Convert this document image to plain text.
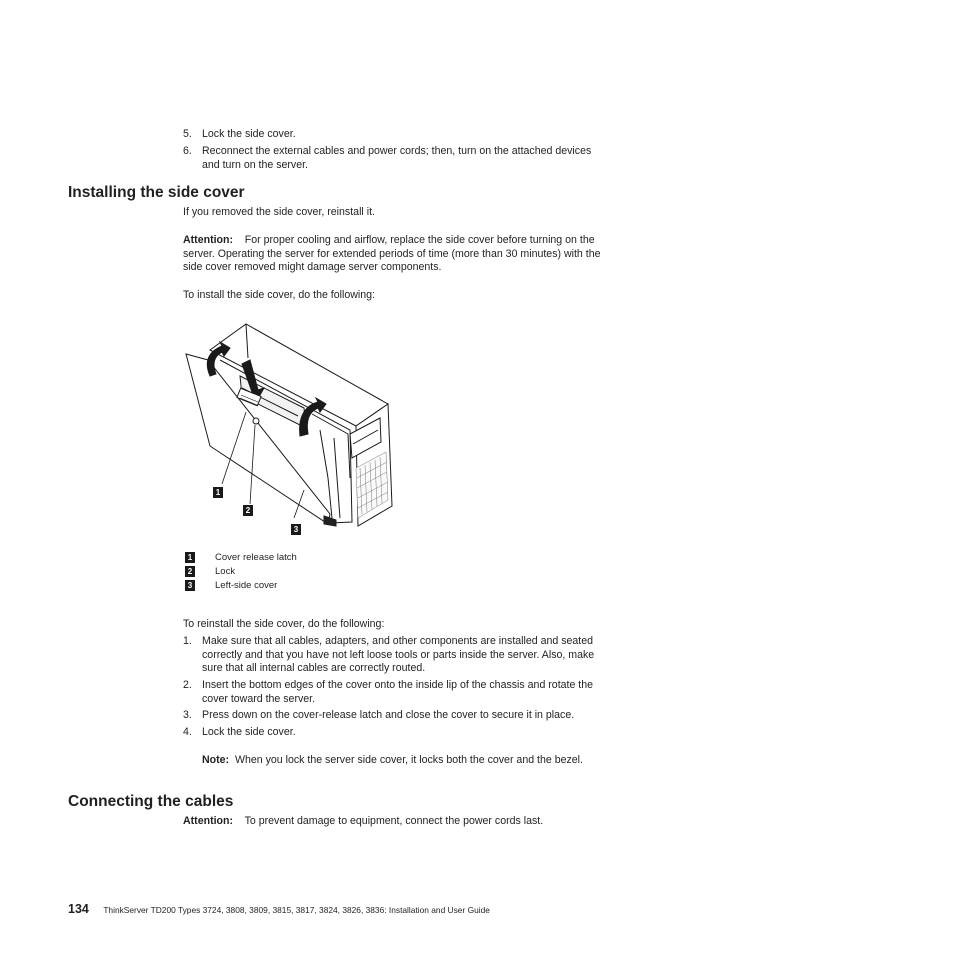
5. Lock the side cover.
6. Reconnect the external cables and power cords; then, turn on the attached devices and turn on the server.
Installing the side cover
If you removed the side cover, reinstall it.
Attention: For proper cooling and airflow, replace the side cover before turning on the server. Operating the server for extended periods of time (more than 30 minutes) with the side cover removed might damage server components.
To install the side cover, do the following:
1
2
3
1 Cover release latch
2 Lock
3 Left-side cover
To reinstall the side cover, do the following:
1. Make sure that all cables, adapters, and other components are installed and seated correctly and that you have not left loose tools or parts inside the server. Also, make sure that all internal cables are correctly routed.
2. Insert the bottom edges of the cover onto the inside lip of the chassis and rotate the cover toward the server.
3. Press down on the cover-release latch and close the cover to secure it in place.
4. Lock the side cover.
Note: When you lock the server side cover, it locks both the cover and the bezel.
Connecting the cables
Attention: To prevent damage to equipment, connect the power cords last.
134 ThinkServer TD200 Types 3724, 3808, 3809, 3815, 3817, 3824, 3826, 3836: Installation and User Guide
